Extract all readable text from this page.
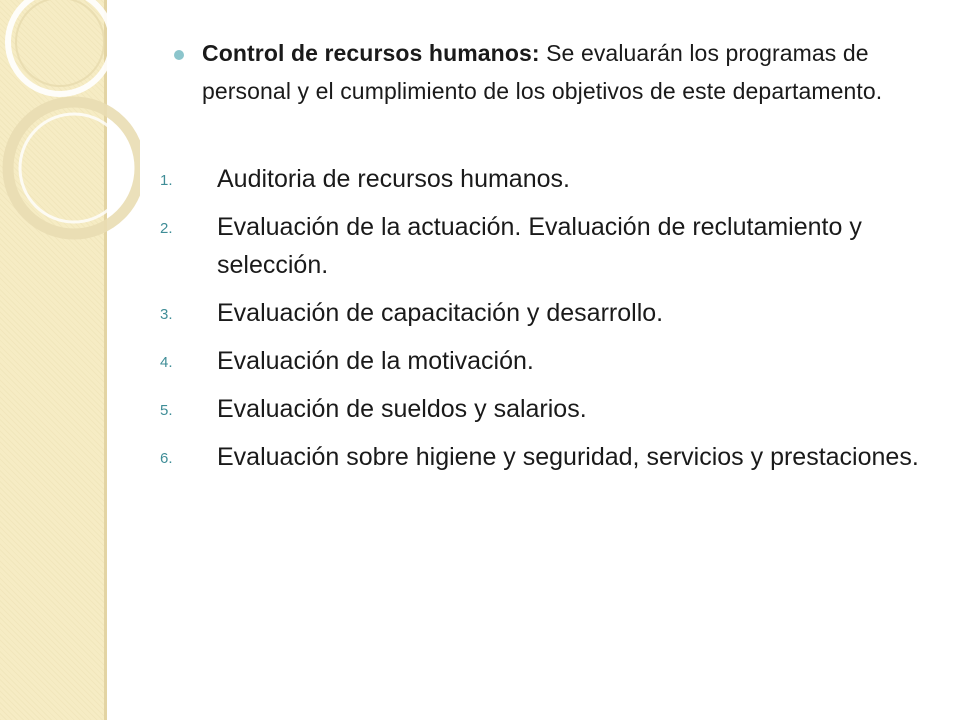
Control de recursos humanos: Se evaluarán los programas de personal y el cumplimiento de los objetivos de este departamento.
1.	Auditoria de recursos humanos.
2.	Evaluación de la actuación. Evaluación de reclutamiento y selección.
3.	Evaluación de capacitación y desarrollo.
4.	Evaluación de la motivación.
5.	Evaluación de sueldos y salarios.
6.	Evaluación sobre higiene y seguridad, servicios y prestaciones.
